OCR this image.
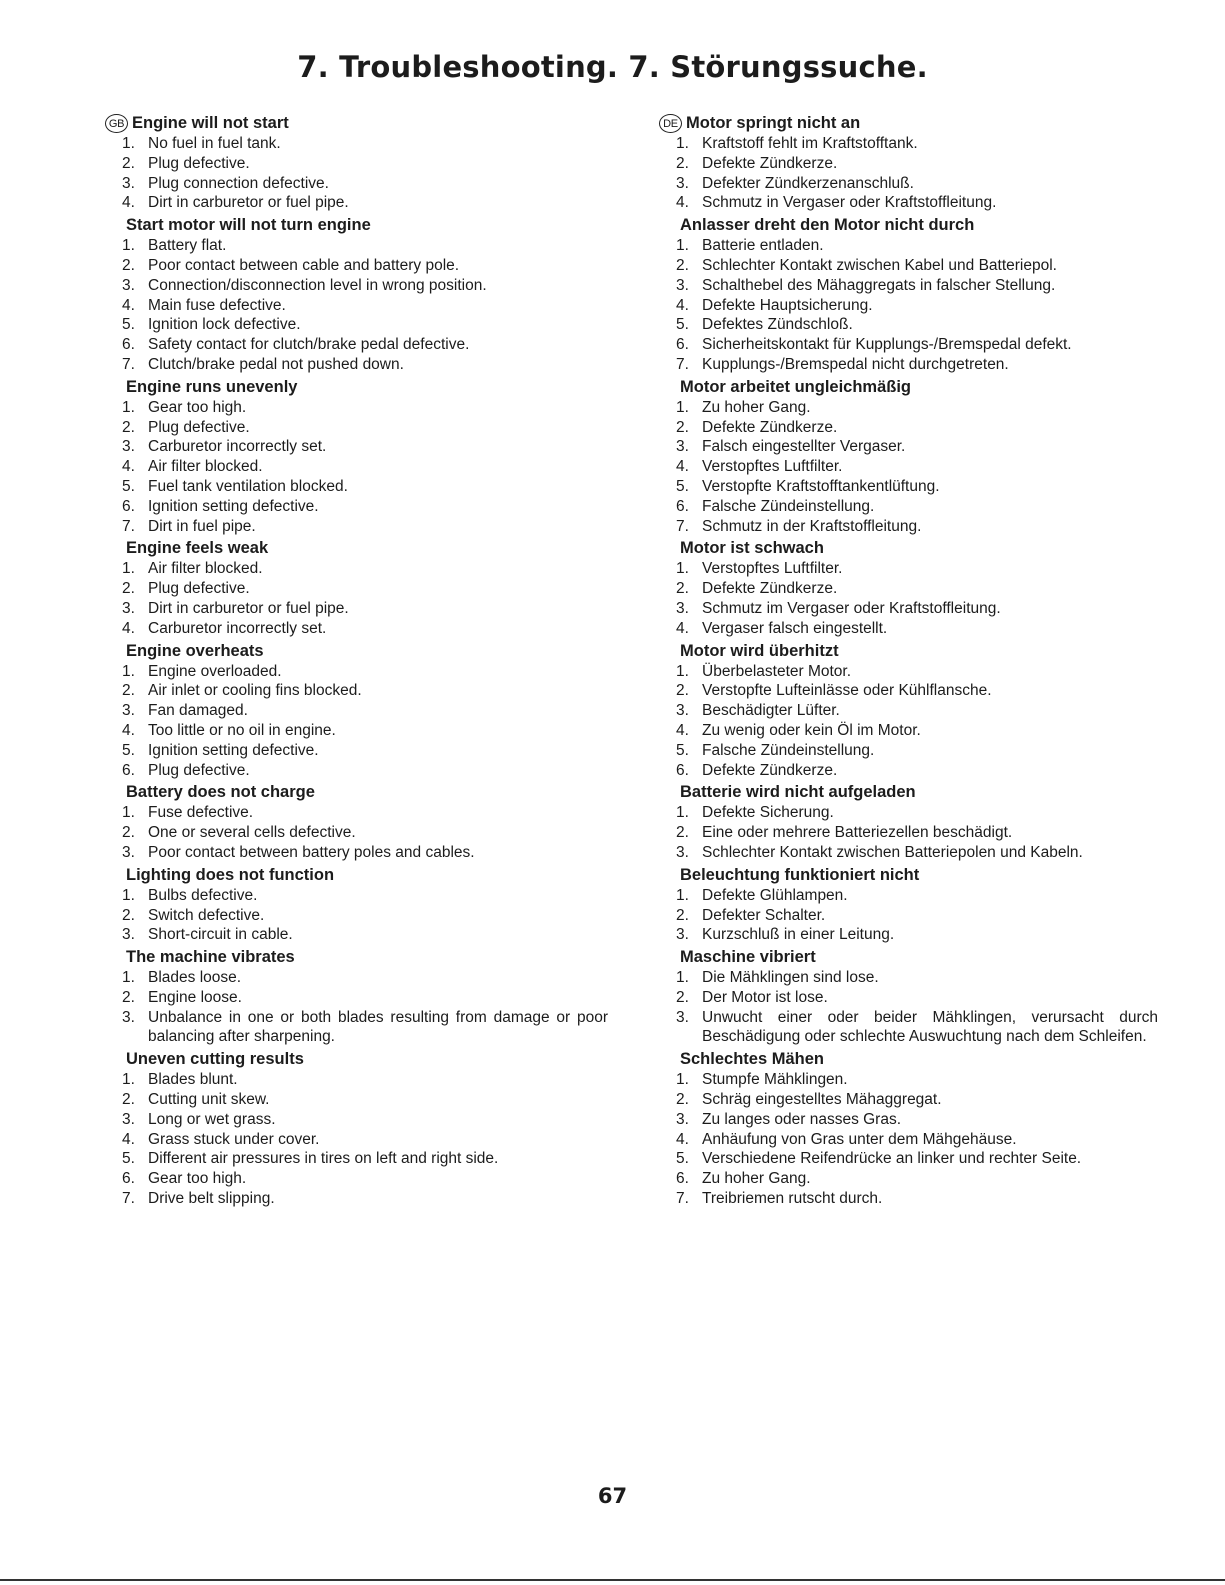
7. Troubleshooting. 7. Störungssuche.
GB Engine will not start
1. No fuel in fuel tank.
2. Plug defective.
3. Plug connection defective.
4. Dirt in carburetor or fuel pipe.
Start motor will not turn engine
1. Battery flat.
2. Poor contact between cable and battery pole.
3. Connection/disconnection level in wrong position.
4. Main fuse defective.
5. Ignition lock defective.
6. Safety contact for clutch/brake pedal defective.
7. Clutch/brake pedal not pushed down.
Engine runs unevenly
1. Gear too high.
2. Plug defective.
3. Carburetor incorrectly set.
4. Air filter blocked.
5. Fuel tank ventilation blocked.
6. Ignition setting defective.
7. Dirt in fuel pipe.
Engine feels weak
1. Air filter blocked.
2. Plug defective.
3. Dirt in carburetor or fuel pipe.
4. Carburetor incorrectly set.
Engine overheats
1. Engine overloaded.
2. Air inlet or cooling fins blocked.
3. Fan damaged.
4. Too little or no oil in engine.
5. Ignition setting defective.
6. Plug defective.
Battery does not charge
1. Fuse defective.
2. One or several cells defective.
3. Poor contact between battery poles and cables.
Lighting does not function
1. Bulbs defective.
2. Switch defective.
3. Short-circuit in cable.
The machine vibrates
1. Blades loose.
2. Engine loose.
3. Unbalance in one or both blades resulting from damage or poor balancing after sharpening.
Uneven cutting results
1. Blades blunt.
2. Cutting unit skew.
3. Long or wet grass.
4. Grass stuck under cover.
5. Different air pressures in tires on left and right side.
6. Gear too high.
7. Drive belt slipping.
DE Motor springt nicht an
1. Kraftstoff fehlt im Kraftstofftank.
2. Defekte Zündkerze.
3. Defekter Zündkerzenanschluß.
4. Schmutz in Vergaser oder Kraftstoffleitung.
Anlasser dreht den Motor nicht durch
1. Batterie entladen.
2. Schlechter Kontakt zwischen Kabel und Batteriepol.
3. Schalthebel des Mähaggregats in falscher Stellung.
4. Defekte Hauptsicherung.
5. Defektes Zündschloß.
6. Sicherheitskontakt für Kupplungs-/Bremspedal defekt.
7. Kupplungs-/Bremspedal nicht durchgetreten.
Motor arbeitet ungleichmäßig
1. Zu hoher Gang.
2. Defekte Zündkerze.
3. Falsch eingestellter Vergaser.
4. Verstopftes Luftfilter.
5. Verstopfte Kraftstofftankentlüftung.
6. Falsche Zündeinstellung.
7. Schmutz in der Kraftstoffleitung.
Motor ist schwach
1. Verstopftes Luftfilter.
2. Defekte Zündkerze.
3. Schmutz im Vergaser oder Kraftstoffleitung.
4. Vergaser falsch eingestellt.
Motor wird überhitzt
1. Überbelasteter Motor.
2. Verstopfte Lufteinlässe oder Kühlflansche.
3. Beschädigter Lüfter.
4. Zu wenig oder kein Öl im Motor.
5. Falsche Zündeinstellung.
6. Defekte Zündkerze.
Batterie wird nicht aufgeladen
1. Defekte Sicherung.
2. Eine oder mehrere Batteriezellen beschädigt.
3. Schlechter Kontakt zwischen Batteriepolen und Kabeln.
Beleuchtung funktioniert nicht
1. Defekte Glühlampen.
2. Defekter Schalter.
3. Kurzschluß in einer Leitung.
Maschine vibriert
1. Die Mähklingen sind lose.
2. Der Motor ist lose.
3. Unwucht einer oder beider Mähklingen, verursacht durch Beschädigung oder schlechte Auswuchtung nach dem Schleifen.
Schlechtes Mähen
1. Stumpfe Mähklingen.
2. Schräg eingestelltes Mähaggregat.
3. Zu langes oder nasses Gras.
4. Anhäufung von Gras unter dem Mähgehäuse.
5. Verschiedene Reifendrücke an linker und rechter Seite.
6. Zu hoher Gang.
7. Treibriemen rutscht durch.
67
